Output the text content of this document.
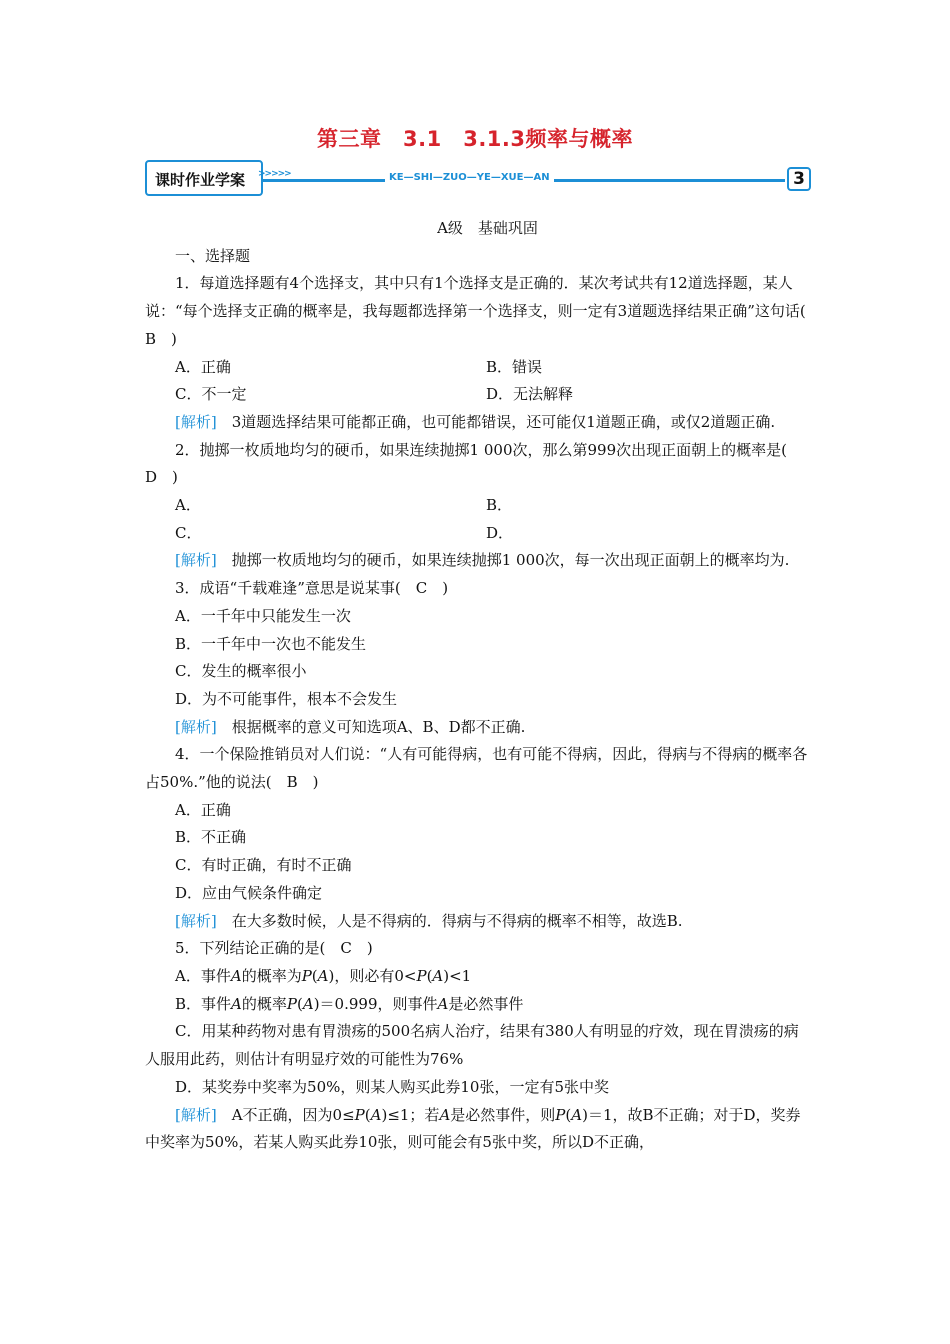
第三章　3.1　3.1.3频率与概率
课时作业学案 >>>>>	KE—SHI—ZUO—YE—XUE—AN	3

A级　基础巩固

一、选择题

1．每道选择题有4个选择支，其中只有1个选择支是正确的．某次考试共有12道选择题，某人说：“每个选择支正确的概率是，我每题都选择第一个选择支，则一定有3道题选择结果正确”这句话(　B　)

A．正确	B．错误
C．不一定	D．无法解释

[解析]　3道题选择结果可能都正确，也可能都错误，还可能仅1道题正确，或仅2道题正确.

2．抛掷一枚质地均匀的硬币，如果连续抛掷1 000次，那么第999次出现正面朝上的概率是(　D　)

A．	B．
C．	D．

[解析]　抛掷一枚质地均匀的硬币，如果连续抛掷1 000次，每一次出现正面朝上的概率均为.

3．成语“千载难逢”意思是说某事(　C　)

A．一千年中只能发生一次

B．一千年中一次也不能发生

C．发生的概率很小

D．为不可能事件，根本不会发生

[解析]　根据概率的意义可知选项A、B、D都不正确.

4．一个保险推销员对人们说：“人有可能得病，也有可能不得病，因此，得病与不得病的概率各占50%.”他的说法(　B　)

A．正确

B．不正确

C．有时正确，有时不正确

D．应由气候条件确定

[解析]　在大多数时候，人是不得病的．得病与不得病的概率不相等，故选B.

5．下列结论正确的是(　C　)

A．事件A的概率为P(A)，则必有0<P(A)<1

B．事件A的概率P(A)＝0.999，则事件A是必然事件

C．用某种药物对患有胃溃疡的500名病人治疗，结果有380人有明显的疗效，现在胃溃疡的病人服用此药，则估计有明显疗效的可能性为76%

D．某奖券中奖率为50%，则某人购买此券10张，一定有5张中奖

[解析]　A不正确，因为0≤P(A)≤1；若A是必然事件，则P(A)＝1，故B不正确；对于D，奖券中奖率为50%，若某人购买此券10张，则可能会有5张中奖，所以D不正确，
